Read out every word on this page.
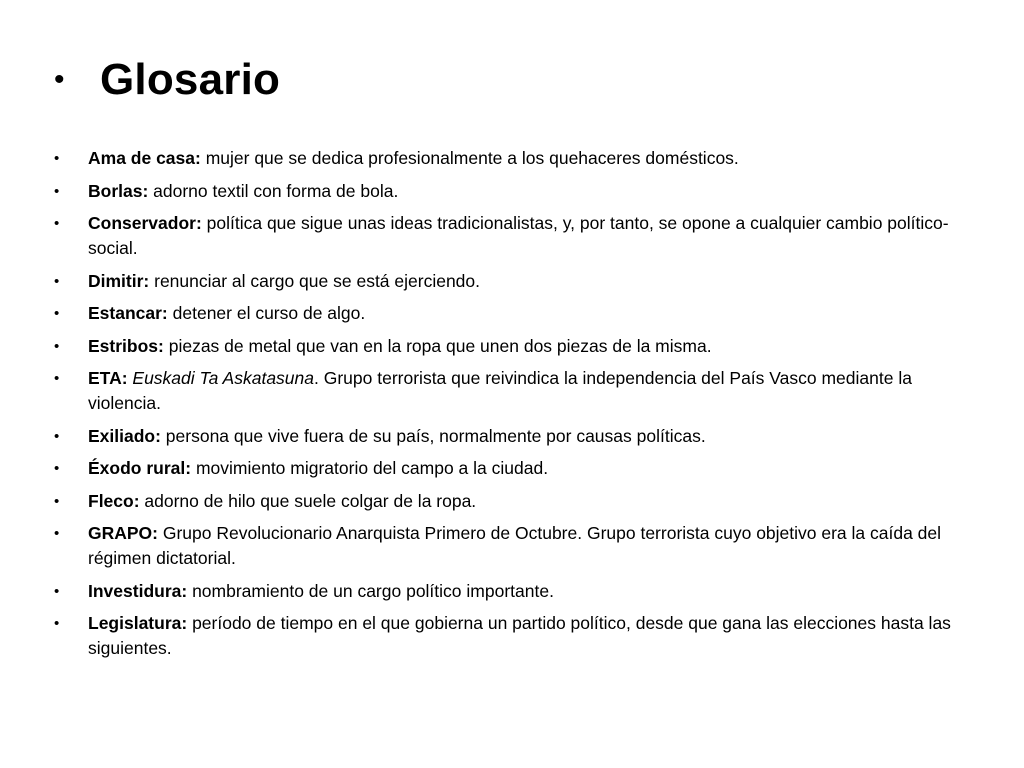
• Glosario
•	Ama de casa: mujer que se dedica profesionalmente a los quehaceres domésticos.
•	Borlas: adorno textil con forma de bola.
•	Conservador: política que sigue unas ideas tradicionalistas, y, por tanto, se opone a cualquier cambio político-social.
•	Dimitir: renunciar al cargo que se está ejerciendo.
•	Estancar: detener el curso de algo.
•	Estribos: piezas de metal que van en la ropa que unen dos piezas de la misma.
•	ETA: Euskadi Ta Askatasuna. Grupo terrorista que reivindica la independencia del País Vasco mediante la violencia.
•	Exiliado: persona que vive fuera de su país, normalmente por causas políticas.
•	Éxodo rural: movimiento migratorio del campo a la ciudad.
•	Fleco: adorno de hilo que suele colgar de la ropa.
•	GRAPO: Grupo Revolucionario Anarquista Primero de Octubre. Grupo terrorista cuyo objetivo era la caída del régimen dictatorial.
•	Investidura: nombramiento de un cargo político importante.
•	Legislatura: período de tiempo en el que gobierna un partido político, desde que gana las elecciones hasta las siguientes.
